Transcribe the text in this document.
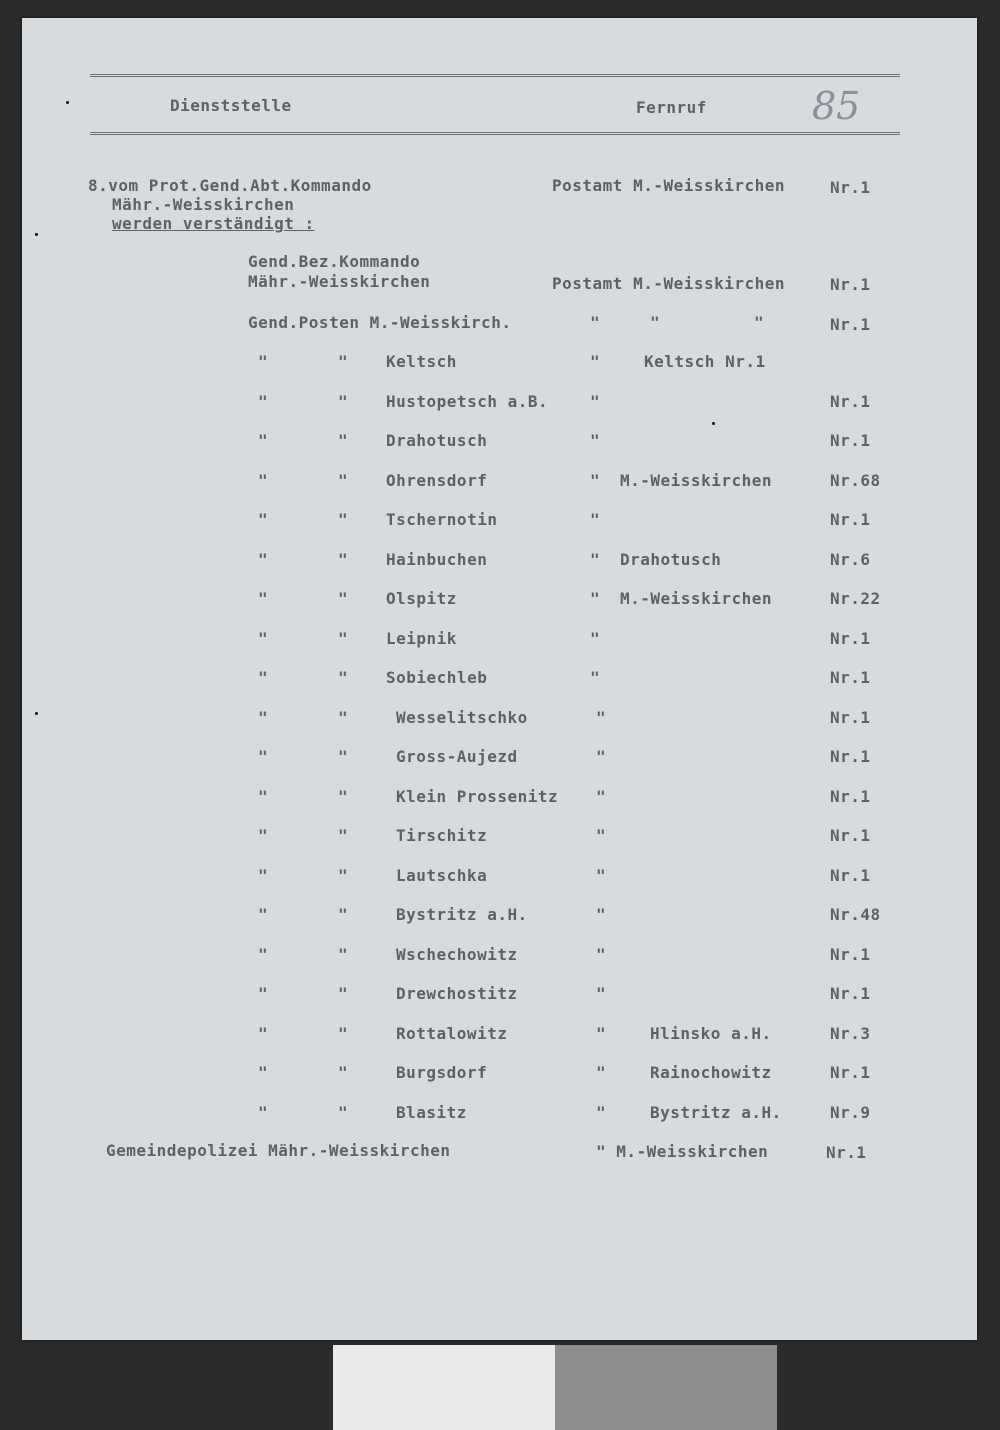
Dienststelle	Fernruf	85
8.vom Prot.Gend.Abt.Kommando	Postamt M.-Weisskirchen	Nr.1
Mähr.-Weisskirchen
werden verständigt :
Gend.Bez.Kommando
Mähr.-Weisskirchen	Postamt M.-Weisskirchen	Nr.1
Gend.Posten M.-Weisskirch.	"	"	"	Nr.1
"	" Keltsch	"	Keltsch Nr.1
"	" Hustopetsch a.B.	"	Nr.1
"	" Drahotusch	"	Nr.1
"	" Ohrensdorf	" M.-Weisskirchen	Nr.68
"	" Tschernotin	"	Nr.1
"	" Hainbuchen	" Drahotusch	Nr.6
"	" Olspitz	" M.-Weisskirchen	Nr.22
"	" Leipnik	"	Nr.1
"	" Sobiechleb	"	Nr.1
"	"	Wesselitschko	"	Nr.1
"	"	Gross-Aujezd	"	Nr.1
"	"	Klein Prossenitz "	Nr.1
"	"	Tirschitz	"	Nr.1
"	"	Lautschka	"	Nr.1
"	"	Bystritz a.H.	"	Nr.48
"	"	Wschechowitz	"	Nr.1
"	"	Drewchostitz	"	Nr.1
"	"	Rottalowitz	"	Hlinsko a.H.	Nr.3
"	"	Burgsdorf	"	Rainochowitz	Nr.1
"	"	Blasitz	"	Bystritz a.H.	Nr.9
Gemeindepolizei Mähr.-Weisskirchen	" M.-Weisskirchen	Nr.1
